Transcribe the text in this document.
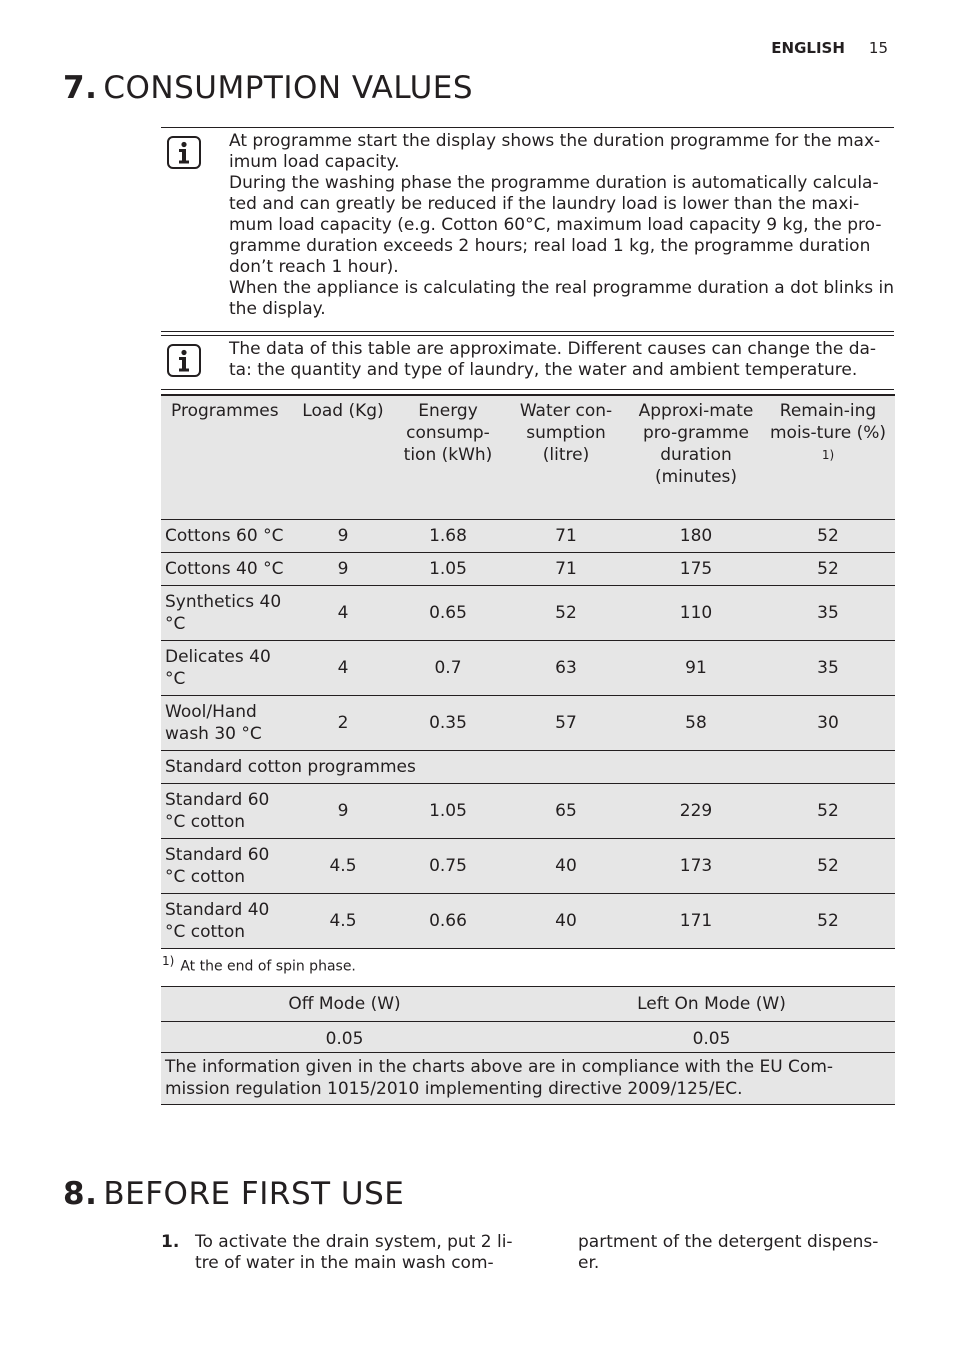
ENGLISH 15
7. CONSUMPTION VALUES
At programme start the display shows the duration programme for the max-imum load capacity.
During the washing phase the programme duration is automatically calcula-ted and can greatly be reduced if the laundry load is lower than the maxi-mum load capacity (e.g. Cotton 60°C, maximum load capacity 9 kg, the pro-gramme duration exceeds 2 hours; real load 1 kg, the programme duration don’t reach 1 hour).
When the appliance is calculating the real programme duration a dot blinks in the display.
The data of this table are approximate. Different causes can change the da-ta: the quantity and type of laundry, the water and ambient temperature.
Programmes	Load (Kg)	Energy consump-tion (kWh)	Water con-sumption (litre)	Approxi-mate pro-gramme duration (minutes)	Remain-ing mois-ture (%) $^{1)}$
Cottons 60 °C	9	1.68	71	180	52
Cottons 40 °C	9	1.05	71	175	52
Synthetics 40 °C	4	0.65	52	110	35
Delicates 40 °C	4	0.7	63	91	35
Wool/Hand wash 30 °C	2	0.35	57	58	30
Standard cotton programmes					
Standard 60 °C cotton	9	1.05	65	229	52
Standard 60 °C cotton	4.5	0.75	40	173	52
Standard 40 °C cotton	4.5	0.66	40	171	52
$^{1)}$ At the end of spin phase.
Off Mode (W)	Left On Mode (W)
0.05	0.05
The information given in the charts above are in compliance with the EU Com-mission regulation 1015/2010 implementing directive 2009/125/EC.
8. BEFORE FIRST USE
1. To activate the drain system, put 2 li-tre of water in the main wash com-
partment of the detergent dispens-er.
